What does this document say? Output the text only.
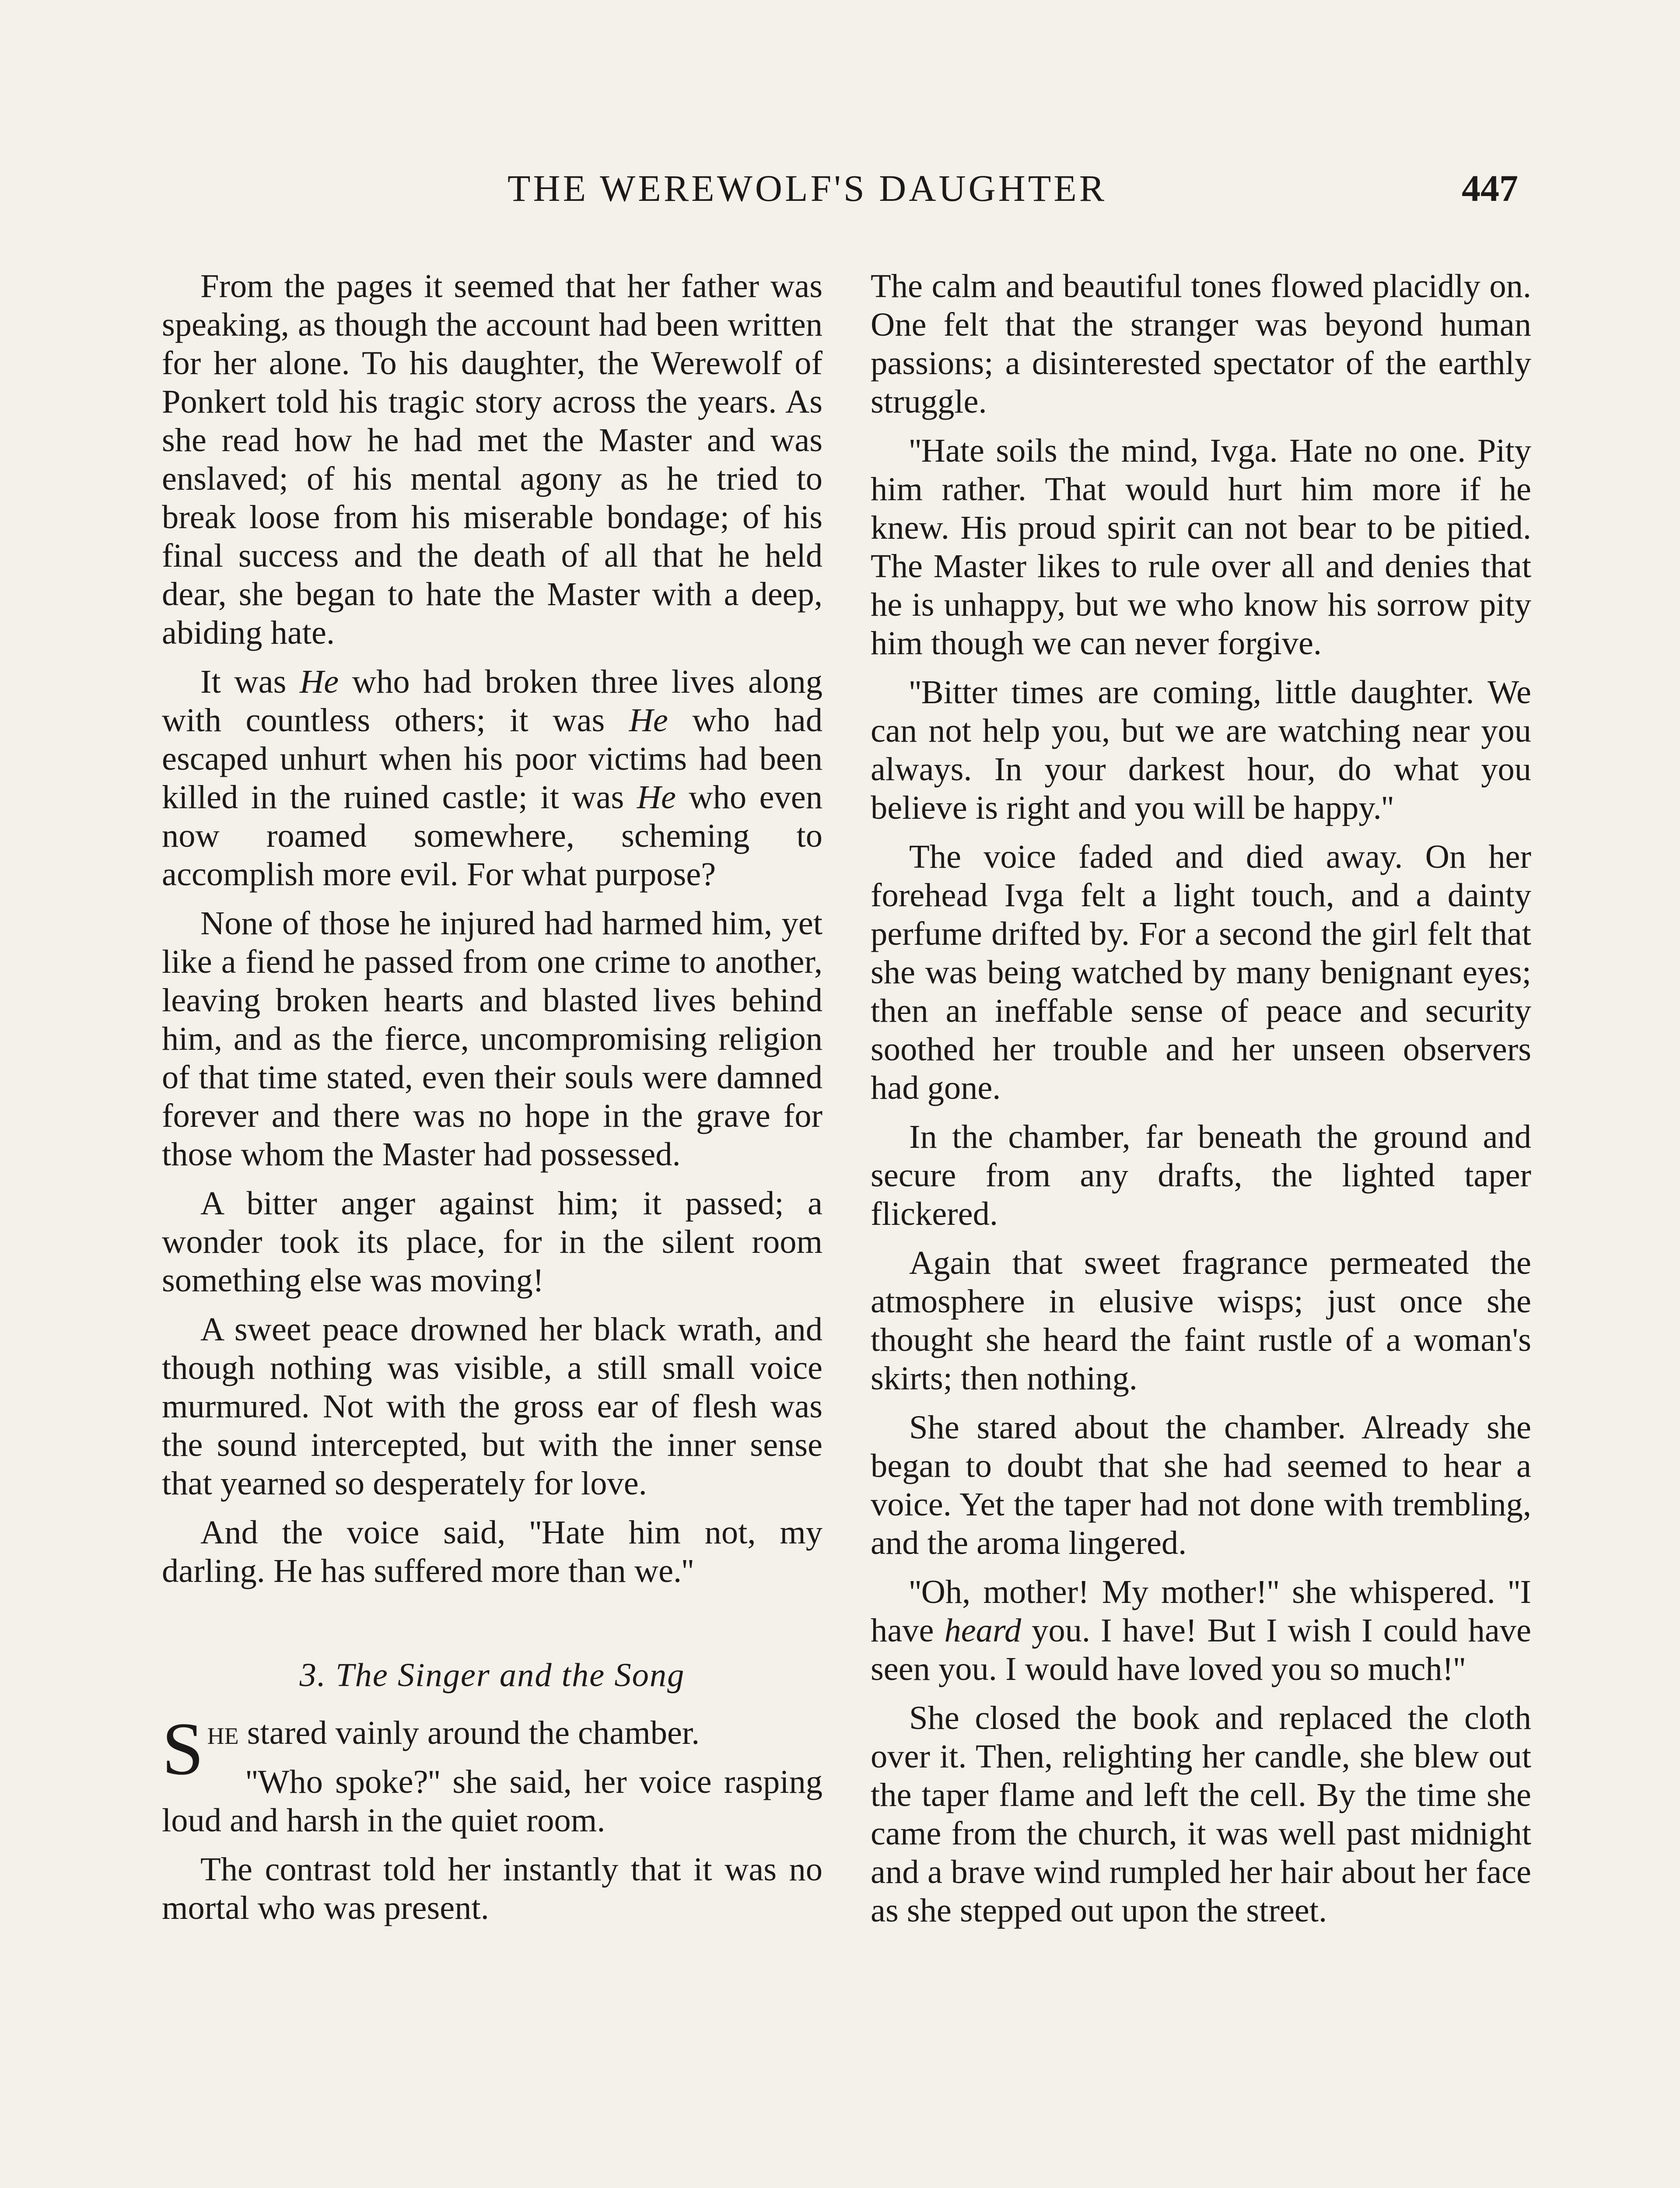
THE WEREWOLF'S DAUGHTER	447

From the pages it seemed that her father was speaking, as though the account had been written for her alone. To his daughter, the Werewolf of Ponkert told his tragic story across the years. As she read how he had met the Master and was enslaved; of his mental agony as he tried to break loose from his miserable bondage; of his final success and the death of all that he held dear, she began to hate the Master with a deep, abiding hate.

It was He who had broken three lives along with countless others; it was He who had escaped unhurt when his poor victims had been killed in the ruined castle; it was He who even now roamed somewhere, scheming to accomplish more evil. For what purpose?

None of those he injured had harmed him, yet like a fiend he passed from one crime to another, leaving broken hearts and blasted lives behind him, and as the fierce, uncompromising religion of that time stated, even their souls were damned forever and there was no hope in the grave for those whom the Master had possessed.

A bitter anger against him; it passed; a wonder took its place, for in the silent room something else was moving!

A sweet peace drowned her black wrath, and though nothing was visible, a still small voice murmured. Not with the gross ear of flesh was the sound intercepted, but with the inner sense that yearned so desperately for love.

And the voice said, ''Hate him not, my darling. He has suffered more than we.''

3. The Singer and the Song

She stared vainly around the chamber.

''Who spoke?'' she said, her voice rasping loud and harsh in the quiet room.

The contrast told her instantly that it was no mortal who was present.

The calm and beautiful tones flowed placidly on. One felt that the stranger was beyond human passions; a disinterested spectator of the earthly struggle.

''Hate soils the mind, Ivga. Hate no one. Pity him rather. That would hurt him more if he knew. His proud spirit can not bear to be pitied. The Master likes to rule over all and denies that he is unhappy, but we who know his sorrow pity him though we can never forgive.

''Bitter times are coming, little daughter. We can not help you, but we are watching near you always. In your darkest hour, do what you believe is right and you will be happy.''

The voice faded and died away. On her forehead Ivga felt a light touch, and a dainty perfume drifted by. For a second the girl felt that she was being watched by many benignant eyes; then an ineffable sense of peace and security soothed her trouble and her unseen observers had gone.

In the chamber, far beneath the ground and secure from any drafts, the lighted taper flickered.

Again that sweet fragrance permeated the atmosphere in elusive wisps; just once she thought she heard the faint rustle of a woman's skirts; then nothing.

She stared about the chamber. Already she began to doubt that she had seemed to hear a voice. Yet the taper had not done with trembling, and the aroma lingered.

''Oh, mother! My mother!'' she whispered. ''I have heard you. I have! But I wish I could have seen you. I would have loved you so much!''

She closed the book and replaced the cloth over it. Then, relighting her candle, she blew out the taper flame and left the cell. By the time she came from the church, it was well past midnight and a brave wind rumpled her hair about her face as she stepped out upon the street.
